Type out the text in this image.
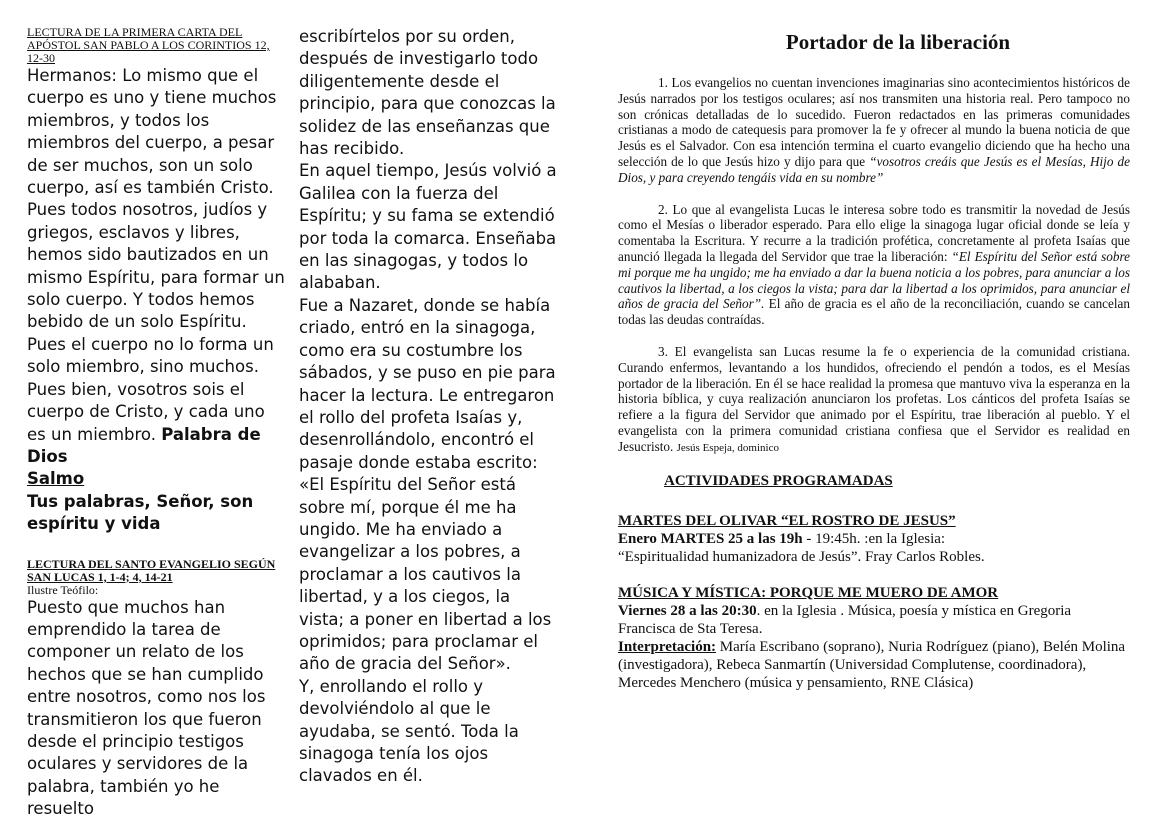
LECTURA DE LA PRIMERA CARTA DEL APÓSTOL SAN PABLO A LOS CORINTIOS 12, 12-30

Hermanos: Lo mismo que el cuerpo es uno y tiene muchos miembros, y todos los miembros del cuerpo, a pesar de ser muchos, son un solo cuerpo, así es también Cristo.
Pues todos nosotros, judíos y griegos, esclavos y libres, hemos sido bautizados en un mismo Espíritu, para formar un solo cuerpo. Y todos hemos bebido de un solo Espíritu.
Pues el cuerpo no lo forma un solo miembro, sino muchos.
Pues bien, vosotros sois el cuerpo de Cristo, y cada uno es un miembro. Palabra de Dios

Salmo

Tus palabras, Señor, son espíritu y vida

LECTURA DEL SANTO EVANGELIO SEGÚN SAN LUCAS 1, 1-4; 4, 14-21

Ilustre Teófilo:

Puesto que muchos han emprendido la tarea de componer un relato de los hechos que se han cumplido entre nosotros, como nos los transmitieron los que fueron desde el principio testigos oculares y servidores de la palabra, también yo he resuelto

escribírtelos por su orden, después de investigarlo todo diligentemente desde el principio, para que conozcas la solidez de las enseñanzas que has recibido.
En aquel tiempo, Jesús volvió a Galilea con la fuerza del Espíritu; y su fama se extendió por toda la comarca. Enseñaba en las sinagogas, y todos lo alababan.
Fue a Nazaret, donde se había criado, entró en la sinagoga, como era su costumbre los sábados, y se puso en pie para hacer la lectura. Le entregaron el rollo del profeta Isaías y, desenrollándolo, encontró el pasaje donde estaba escrito:
«El Espíritu del Señor está sobre mí, porque él me ha ungido. Me ha enviado a evangelizar a los pobres, a proclamar a los cautivos la libertad, y a los ciegos, la vista; a poner en libertad a los oprimidos; para proclamar el año de gracia del Señor».
Y, enrollando el rollo y devolviéndolo al que le ayudaba, se sentó. Toda la sinagoga tenía los ojos clavados en él.

Portador de la liberación

1. Los evangelios no cuentan invenciones imaginarias sino acontecimientos históricos de Jesús narrados por los testigos oculares; así nos transmiten una historia real. Pero tampoco no son crónicas detalladas de lo sucedido. Fueron redactados en las primeras comunidades cristianas a modo de catequesis para promover la fe y ofrecer al mundo la buena noticia de que Jesús es el Salvador. Con esa intención termina el cuarto evangelio diciendo que ha hecho una selección de lo que Jesús hizo y dijo para que “vosotros creáis que Jesús es el Mesías, Hijo de Dios, y para creyendo tengáis vida en su nombre”

2. Lo que al evangelista Lucas le interesa sobre todo es transmitir la novedad de Jesús como el Mesías o liberador esperado. Para ello elige la sinagoga lugar oficial donde se leía y comentaba la Escritura. Y recurre a la tradición profética, concretamente al profeta Isaías que anunció llegada la llegada del Servidor que trae la liberación: “El Espíritu del Señor está sobre mi porque me ha ungido; me ha enviado a dar la buena noticia a los pobres, para anunciar a los cautivos la libertad, a los ciegos la vista; para dar la libertad a los oprimidos, para anunciar el años de gracia del Señor”. El año de gracia es el año de la reconciliación, cuando se cancelan todas las deudas contraídas.

3. El evangelista san Lucas resume la fe o experiencia de la comunidad cristiana. Curando enfermos, levantando a los hundidos, ofreciendo el pendón a todos, es el Mesías portador de la liberación. En él se hace realidad la promesa que mantuvo viva la esperanza en la historia bíblica, y cuya realización anunciaron los profetas. Los cánticos del profeta Isaías se refiere a la figura del Servidor que animado por el Espíritu, trae liberación al pueblo. Y el evangelista con la primera comunidad cristiana confiesa que el Servidor es realidad en Jesucristo. Jesús Espeja, dominico

ACTIVIDADES PROGRAMADAS

MARTES DEL OLIVAR “EL ROSTRO DE JESUS”

Enero MARTES 25 a las 19h - 19:45h. :en la Iglesia:

“Espiritualidad humanizadora de Jesús”. Fray Carlos Robles.

MÚSICA Y MÍSTICA: PORQUE ME MUERO DE AMOR

Viernes 28 a las 20:30. en la Iglesia . Música, poesía y mística en Gregoria Francisca de Sta Teresa.

Interpretación: María Escribano (soprano), Nuria Rodríguez (piano), Belén Molina (investigadora), Rebeca Sanmartín (Universidad Complutense, coordinadora), Mercedes Menchero (música y pensamiento, RNE Clásica)
